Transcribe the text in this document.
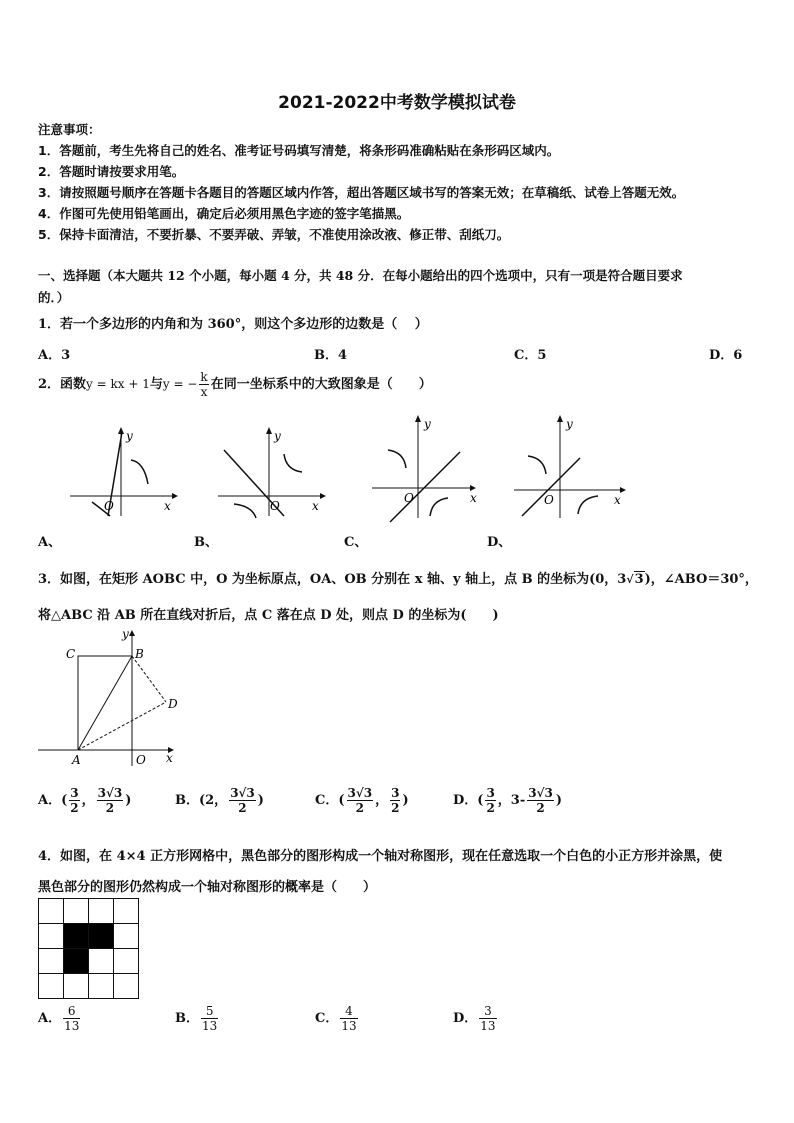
2021-2022中考数学模拟试卷
注意事项：
1．答题前，考生先将自己的姓名、准考证号码填写清楚，将条形码准确粘贴在条形码区域内。
2．答题时请按要求用笔。
3．请按照题号顺序在答题卡各题目的答题区域内作答，超出答题区域书写的答案无效；在草稿纸、试卷上答题无效。
4．作图可先使用铅笔画出，确定后必须用黑色字迹的签字笔描黑。
5．保持卡面清洁，不要折暴、不要弄破、弄皱，不准使用涂改液、修正带、刮纸刀。
一、选择题（本大题共 12 个小题，每小题 4 分，共 48 分．在每小题给出的四个选项中，只有一项是符合题目要求
的．）
1．若一个多边形的内角和为 360°，则这个多边形的边数是（　 ）
A．3	B．4	C．5	D．6
2．函数y = kx + 1与y = − $\frac{k}{x}$ 在同一坐标系中的大致图象是（　　）
y
x
O
A、
y
x
O
B、
y
x
O
C、
y
x
O
D、
3．如图，在矩形 AOBC 中，O 为坐标原点，OA、OB 分别在 x 轴、y 轴上，点 B 的坐标为(0，3√3)，∠ABO＝30°，
将△ABC 沿 AB 所在直线对折后，点 C 落在点 D 处，则点 D 的坐标为(　　)
C	B
D
A	O x
y
A．( $\frac{3}{2}$ ， $\frac{3√3}{2}$ )	B．(2， $\frac{3√3}{2}$ )	C．( $\frac{3√3}{2}$ ， $\frac{3}{2}$ )	D．( $\frac{3}{2}$ ，$3- \frac{3√3}{2}$ )
4．如图，在 4×4 正方形网格中，黑色部分的图形构成一个轴对称图形，现在任意选取一个白色的小正方形并涂黑，使
黑色部分的图形仍然构成一个轴对称图形的概率是（　　）
A． $\frac{6}{13}$	B． $\frac{5}{13}$	C． $\frac{4}{13}$	D． $\frac{3}{13}$
